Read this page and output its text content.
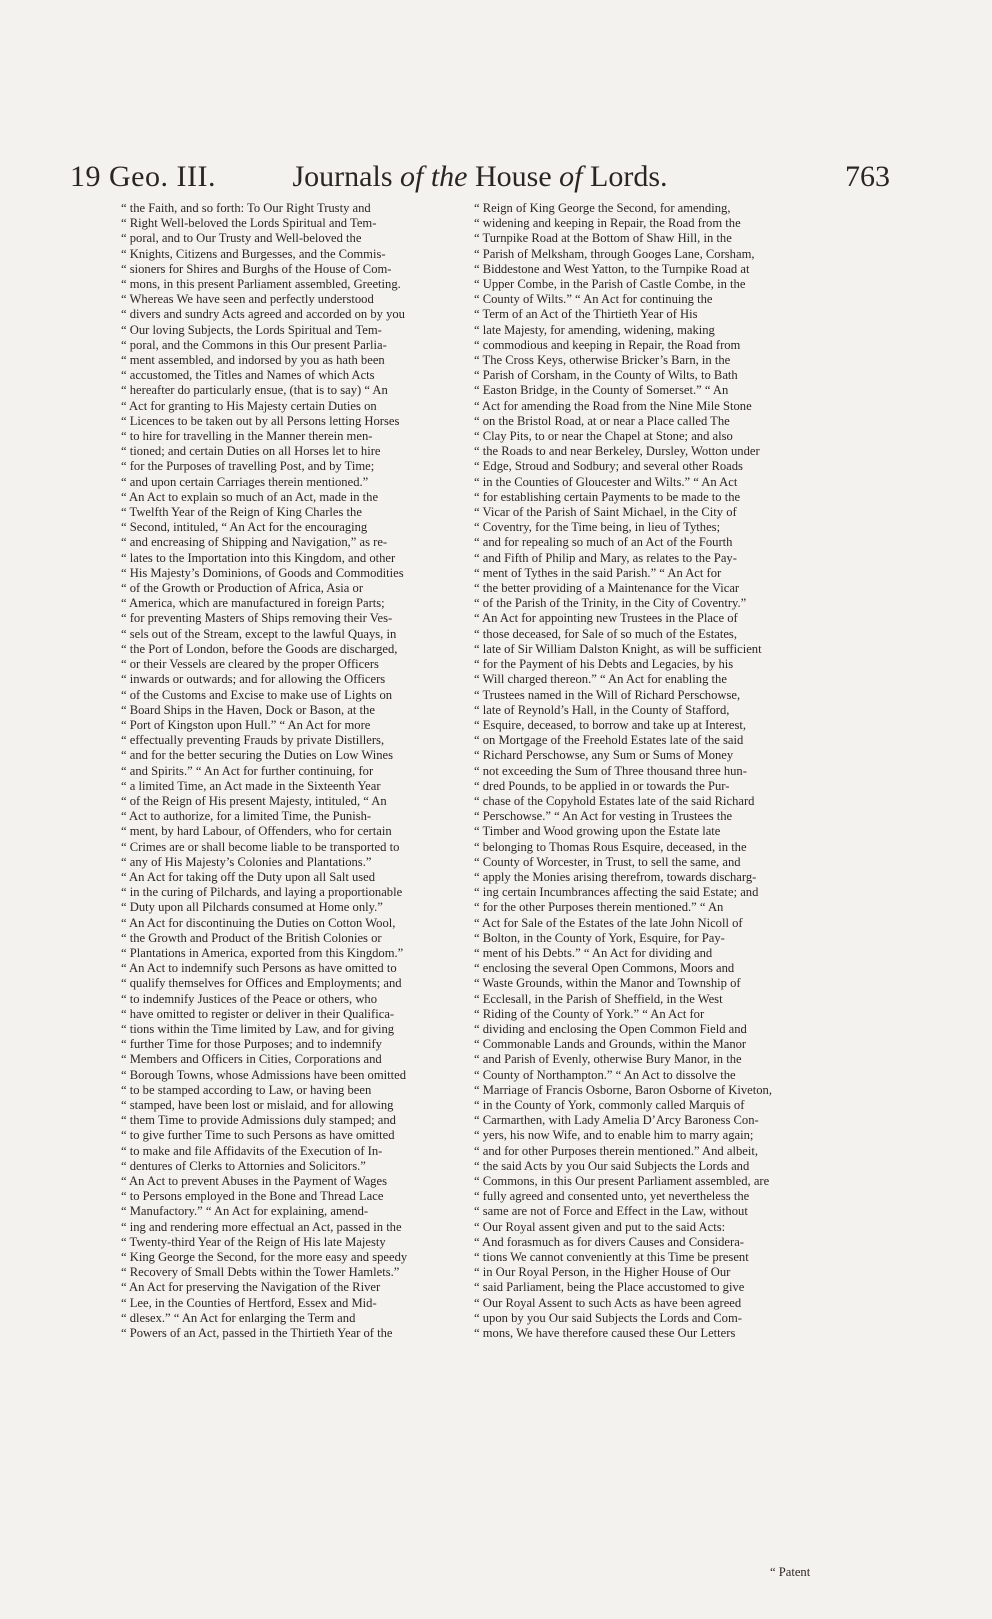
19 Geo. III.	Journals of the House of Lords.	763
“ the Faith, and so forth: To Our Right Trusty and
“ Right Well-beloved the Lords Spiritual and Tem-
“ poral, and to Our Trusty and Well-beloved the
“ Knights, Citizens and Burgesses, and the Commis-
“ sioners for Shires and Burghs of the House of Com-
“ mons, in this present Parliament assembled, Greeting.
“ Whereas We have seen and perfectly understood
“ divers and sundry Acts agreed and accorded on by you
“ Our loving Subjects, the Lords Spiritual and Tem-
“ poral, and the Commons in this Our present Parlia-
“ ment assembled, and indorsed by you as hath been
“ accustomed, the Titles and Names of which Acts
“ hereafter do particularly ensue, (that is to say) “ An
“ Act for granting to His Majesty certain Duties on
“ Licences to be taken out by all Persons letting Horses
“ to hire for travelling in the Manner therein men-
“ tioned; and certain Duties on all Horses let to hire
“ for the Purposes of travelling Post, and by Time;
“ and upon certain Carriages therein mentioned.”
“ An Act to explain so much of an Act, made in the
“ Twelfth Year of the Reign of King Charles the
“ Second, intituled, “ An Act for the encouraging
“ and encreasing of Shipping and Navigation,” as re-
“ lates to the Importation into this Kingdom, and other
“ His Majesty’s Dominions, of Goods and Commodities
“ of the Growth or Production of Africa, Asia or
“ America, which are manufactured in foreign Parts;
“ for preventing Masters of Ships removing their Ves-
“ sels out of the Stream, except to the lawful Quays, in
“ the Port of London, before the Goods are discharged,
“ or their Vessels are cleared by the proper Officers
“ inwards or outwards; and for allowing the Officers
“ of the Customs and Excise to make use of Lights on
“ Board Ships in the Haven, Dock or Bason, at the
“ Port of Kingston upon Hull.” “ An Act for more
“ effectually preventing Frauds by private Distillers,
“ and for the better securing the Duties on Low Wines
“ and Spirits.” “ An Act for further continuing, for
“ a limited Time, an Act made in the Sixteenth Year
“ of the Reign of His present Majesty, intituled, “ An
“ Act to authorize, for a limited Time, the Punish-
“ ment, by hard Labour, of Offenders, who for certain
“ Crimes are or shall become liable to be transported to
“ any of His Majesty’s Colonies and Plantations.”
“ An Act for taking off the Duty upon all Salt used
“ in the curing of Pilchards, and laying a proportionable
“ Duty upon all Pilchards consumed at Home only.”
“ An Act for discontinuing the Duties on Cotton Wool,
“ the Growth and Product of the British Colonies or
“ Plantations in America, exported from this Kingdom.”
“ An Act to indemnify such Persons as have omitted to
“ qualify themselves for Offices and Employments; and
“ to indemnify Justices of the Peace or others, who
“ have omitted to register or deliver in their Qualifica-
“ tions within the Time limited by Law, and for giving
“ further Time for those Purposes; and to indemnify
“ Members and Officers in Cities, Corporations and
“ Borough Towns, whose Admissions have been omitted
“ to be stamped according to Law, or having been
“ stamped, have been lost or mislaid, and for allowing
“ them Time to provide Admissions duly stamped; and
“ to give further Time to such Persons as have omitted
“ to make and file Affidavits of the Execution of In-
“ dentures of Clerks to Attornies and Solicitors.”
“ An Act to prevent Abuses in the Payment of Wages
“ to Persons employed in the Bone and Thread Lace
“ Manufactory.” “ An Act for explaining, amend-
“ ing and rendering more effectual an Act, passed in the
“ Twenty-third Year of the Reign of His late Majesty
“ King George the Second, for the more easy and speedy
“ Recovery of Small Debts within the Tower Hamlets.”
“ An Act for preserving the Navigation of the River
“ Lee, in the Counties of Hertford, Essex and Mid-
“ dlesex.” “ An Act for enlarging the Term and
“ Powers of an Act, passed in the Thirtieth Year of the
“ Reign of King George the Second, for amending,
“ widening and keeping in Repair, the Road from the
“ Turnpike Road at the Bottom of Shaw Hill, in the
“ Parish of Melksham, through Googes Lane, Corsham,
“ Biddestone and West Yatton, to the Turnpike Road at
“ Upper Combe, in the Parish of Castle Combe, in the
“ County of Wilts.” “ An Act for continuing the
“ Term of an Act of the Thirtieth Year of His
“ late Majesty, for amending, widening, making
“ commodious and keeping in Repair, the Road from
“ The Cross Keys, otherwise Bricker’s Barn, in the
“ Parish of Corsham, in the County of Wilts, to Bath
“ Easton Bridge, in the County of Somerset.” “ An
“ Act for amending the Road from the Nine Mile Stone
“ on the Bristol Road, at or near a Place called The
“ Clay Pits, to or near the Chapel at Stone; and also
“ the Roads to and near Berkeley, Dursley, Wotton under
“ Edge, Stroud and Sodbury; and several other Roads
“ in the Counties of Gloucester and Wilts.” “ An Act
“ for establishing certain Payments to be made to the
“ Vicar of the Parish of Saint Michael, in the City of
“ Coventry, for the Time being, in lieu of Tythes;
“ and for repealing so much of an Act of the Fourth
“ and Fifth of Philip and Mary, as relates to the Pay-
“ ment of Tythes in the said Parish.” “ An Act for
“ the better providing of a Maintenance for the Vicar
“ of the Parish of the Trinity, in the City of Coventry.”
“ An Act for appointing new Trustees in the Place of
“ those deceased, for Sale of so much of the Estates,
“ late of Sir William Dalston Knight, as will be sufficient
“ for the Payment of his Debts and Legacies, by his
“ Will charged thereon.” “ An Act for enabling the
“ Trustees named in the Will of Richard Perschowse,
“ late of Reynold’s Hall, in the County of Stafford,
“ Esquire, deceased, to borrow and take up at Interest,
“ on Mortgage of the Freehold Estates late of the said
“ Richard Perschowse, any Sum or Sums of Money
“ not exceeding the Sum of Three thousand three hun-
“ dred Pounds, to be applied in or towards the Pur-
“ chase of the Copyhold Estates late of the said Richard
“ Perschowse.” “ An Act for vesting in Trustees the
“ Timber and Wood growing upon the Estate late
“ belonging to Thomas Rous Esquire, deceased, in the
“ County of Worcester, in Trust, to sell the same, and
“ apply the Monies arising therefrom, towards discharg-
“ ing certain Incumbrances affecting the said Estate; and
“ for the other Purposes therein mentioned.” “ An
“ Act for Sale of the Estates of the late John Nicoll of
“ Bolton, in the County of York, Esquire, for Pay-
“ ment of his Debts.” “ An Act for dividing and
“ enclosing the several Open Commons, Moors and
“ Waste Grounds, within the Manor and Township of
“ Ecclesall, in the Parish of Sheffield, in the West
“ Riding of the County of York.” “ An Act for
“ dividing and enclosing the Open Common Field and
“ Commonable Lands and Grounds, within the Manor
“ and Parish of Evenly, otherwise Bury Manor, in the
“ County of Northampton.” “ An Act to dissolve the
“ Marriage of Francis Osborne, Baron Osborne of Kiveton,
“ in the County of York, commonly called Marquis of
“ Carmarthen, with Lady Amelia D’Arcy Baroness Con-
“ yers, his now Wife, and to enable him to marry again;
“ and for other Purposes therein mentioned.” And albeit,
“ the said Acts by you Our said Subjects the Lords and
“ Commons, in this Our present Parliament assembled, are
“ fully agreed and consented unto, yet nevertheless the
“ same are not of Force and Effect in the Law, without
“ Our Royal assent given and put to the said Acts:
“ And forasmuch as for divers Causes and Considera-
“ tions We cannot conveniently at this Time be present
“ in Our Royal Person, in the Higher House of Our
“ said Parliament, being the Place accustomed to give
“ Our Royal Assent to such Acts as have been agreed
“ upon by you Our said Subjects the Lords and Com-
“ mons, We have therefore caused these Our Letters
“ Patent
